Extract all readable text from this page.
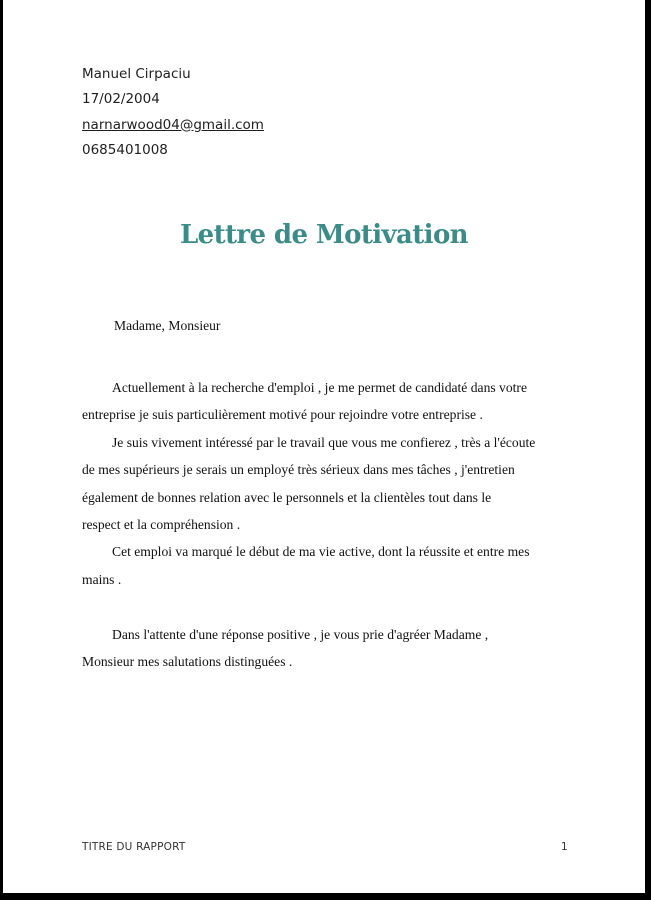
Manuel Cirpaciu
17/02/2004
narnarwood04@gmail.com
0685401008
Lettre de Motivation
Madame, Monsieur
Actuellement à la recherche d'emploi , je me permet de candidaté dans votre
entreprise je suis particulièrement motivé pour rejoindre votre entreprise .
Je suis vivement intéressé par le travail que vous me confierez , très a l'écoute
de mes supérieurs je serais un employé très sérieux dans mes tâches , j'entretien
également de bonnes relation avec le personnels et la clientèles tout dans le
respect et la compréhension .
Cet emploi va marqué le début de ma vie active, dont la réussite et entre mes
mains .
Dans l'attente d'une réponse positive , je vous prie d'agréer Madame ,
Monsieur mes salutations distinguées .
TITRE DU RAPPORT	1
